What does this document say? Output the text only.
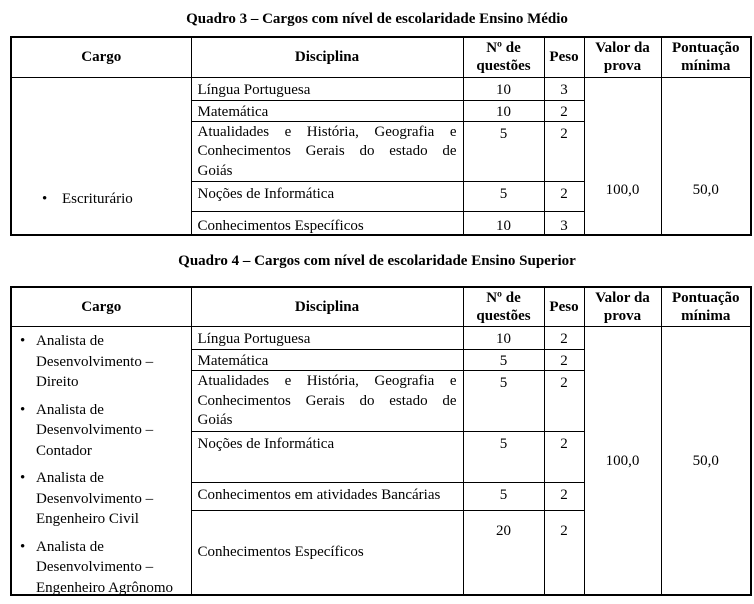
Quadro 3 – Cargos com nível de escolaridade Ensino Médio
Cargo	Disciplina	Nº de questões	Peso	Valor da prova	Pontuação mínima

• Escriturário	Língua Portuguesa	10	3	100,0	50,0
	Matemática	10	2		

	Atualidades e História, Geografia e
Conhecimentos Gerais do estado de
Goiás	5	2		
	Noções de Informática	5	2		
	Conhecimentos Específicos	10	3		
Quadro 4 – Cargos com nível de escolaridade Ensino Superior
Cargo	Disciplina	Nº de questões	Peso	Valor da prova	Pontuação mínima

• Analista de Desenvolvimento – Direito
• Analista de Desenvolvimento – Contador
• Analista de Desenvolvimento – Engenheiro Civil
• Analista de Desenvolvimento – Engenheiro Agrônomo
	Língua Portuguesa	10	2	100,0	50,0
	Matemática	5	2		

	Atualidades e História, Geografia e
Conhecimentos Gerais do estado de
Goiás	5	2		
	Noções de Informática	5	2		
	Conhecimentos em atividades Bancárias	5	2		
	Conhecimentos Específicos	20	2		
